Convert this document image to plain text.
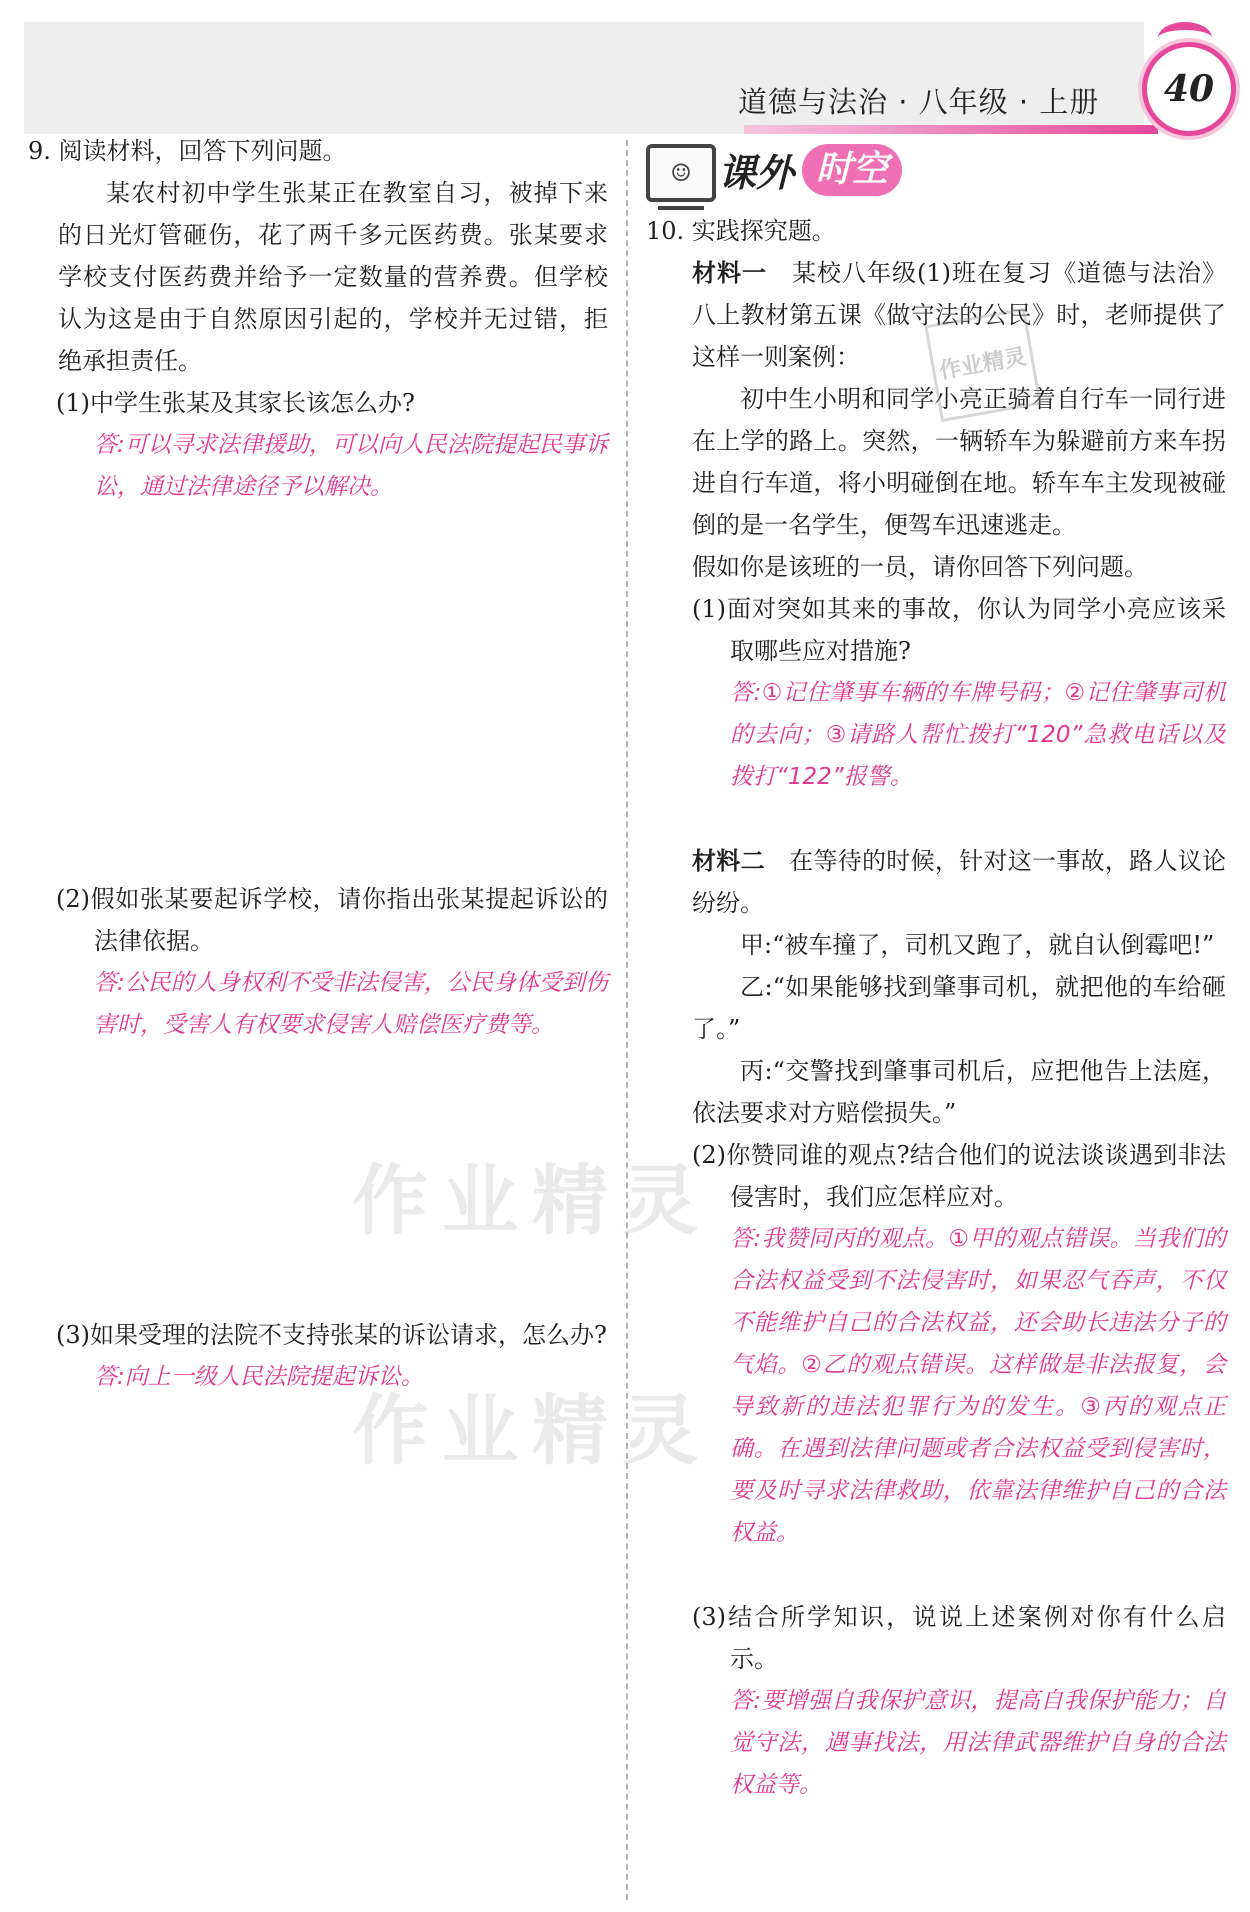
道德与法治 · 八年级 · 上册 40

9. 阅读材料，回答下列问题。

某农村初中学生张某正在教室自习，被掉下来的日光灯管砸伤，花了两千多元医药费。张某要求学校支付医药费并给予一定数量的营养费。但学校认为这是由于自然原因引起的，学校并无过错，拒绝承担责任。

(1)中学生张某及其家长该怎么办?

答:可以寻求法律援助，可以向人民法院提起民事诉讼，通过法律途径予以解决。

(2)假如张某要起诉学校，请你指出张某提起诉讼的法律依据。

答:公民的人身权利不受非法侵害，公民身体受到伤害时，受害人有权要求侵害人赔偿医疗费等。

(3)如果受理的法院不支持张某的诉讼请求，怎么办?

答:向上一级人民法院提起诉讼。

☺ 课外 时空

10. 实践探究题。

材料一　 某校八年级(1)班在复习《道德与法治》八上教材第五课《做守法的公民》时，老师提供了这样一则案例：

初中生小明和同学小亮正骑着自行车一同行进在上学的路上。突然，一辆轿车为躲避前方来车拐进自行车道，将小明碰倒在地。轿车车主发现被碰倒的是一名学生，便驾车迅速逃走。

假如你是该班的一员，请你回答下列问题。

(1)面对突如其来的事故，你认为同学小亮应该采取哪些应对措施?

答:①记住肇事车辆的车牌号码；②记住肇事司机的去向；③请路人帮忙拨打“120”急救电话以及拨打“122”报警。

材料二　 在等待的时候，针对这一事故，路人议论纷纷。

甲:“被车撞了，司机又跑了，就自认倒霉吧!”

乙:“如果能够找到肇事司机，就把他的车给砸了。”

丙:“交警找到肇事司机后，应把他告上法庭，依法要求对方赔偿损失。”

(2)你赞同谁的观点?结合他们的说法谈谈遇到非法侵害时，我们应怎样应对。

答:我赞同丙的观点。①甲的观点错误。当我们的合法权益受到不法侵害时，如果忍气吞声，不仅不能维护自己的合法权益，还会助长违法分子的气焰。②乙的观点错误。这样做是非法报复，会导致新的违法犯罪行为的发生。③丙的观点正确。在遇到法律问题或者合法权益受到侵害时，要及时寻求法律救助，依靠法律维护自己的合法权益。

(3)结合所学知识，说说上述案例对你有什么启示。

答:要增强自我保护意识，提高自我保护能力；自觉守法，遇事找法，用法律武器维护自身的合法权益等。

作业精灵
作业精灵
作业精灵
